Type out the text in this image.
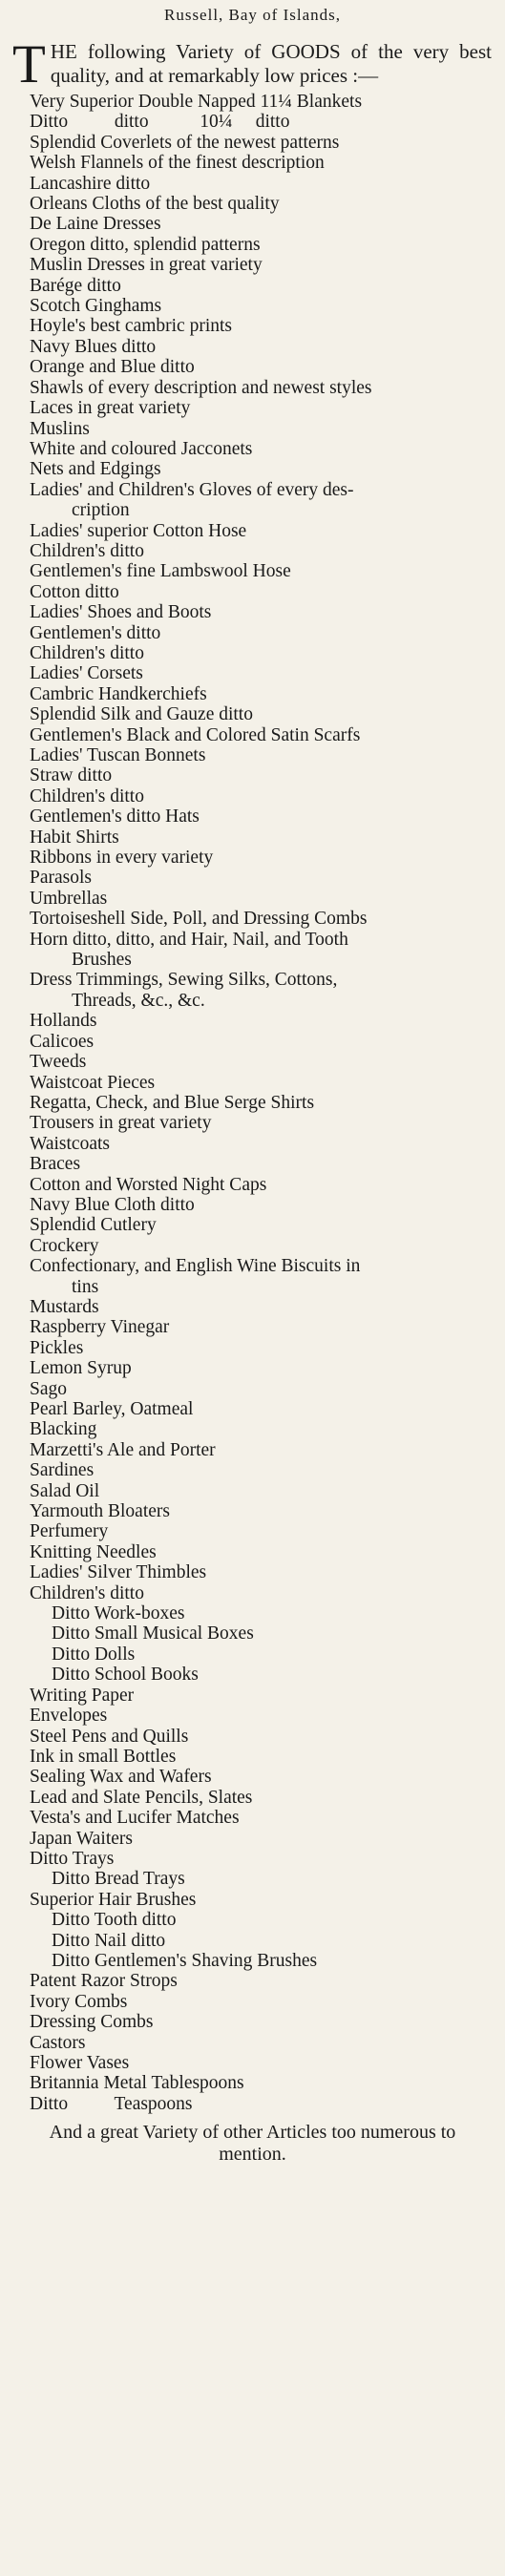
Russell, Bay of Islands,
T HE following Variety of GOODS of the very best quality, and at remarkably low prices :—
Very Superior Double Napped 11¼ Blankets
Ditto          ditto           10¼     ditto
Splendid Coverlets of the newest patterns
Welsh Flannels of the finest description
Lancashire ditto
Orleans Cloths of the best quality
De Laine Dresses
Oregon ditto, splendid patterns
Muslin Dresses in great variety
Barége ditto
Scotch Ginghams
Hoyle's best cambric prints
Navy Blues ditto
Orange and Blue ditto
Shawls of every description and newest styles
Laces in great variety
Muslins
White and coloured Jacconets
Nets and Edgings
Ladies' and Children's Gloves of every des-
cription
Ladies' superior Cotton Hose
Children's ditto
Gentlemen's fine Lambswool Hose
Cotton ditto
Ladies' Shoes and Boots
Gentlemen's ditto
Children's ditto
Ladies' Corsets
Cambric Handkerchiefs
Splendid Silk and Gauze ditto
Gentlemen's Black and Colored Satin Scarfs
Ladies' Tuscan Bonnets
Straw ditto
Children's ditto
Gentlemen's ditto Hats
Habit Shirts
Ribbons in every variety
Parasols
Umbrellas
Tortoiseshell Side, Poll, and Dressing Combs
Horn ditto, ditto, and Hair, Nail, and Tooth
Brushes
Dress Trimmings, Sewing Silks, Cottons,
Threads, &c., &c.
Hollands
Calicoes
Tweeds
Waistcoat Pieces
Regatta, Check, and Blue Serge Shirts
Trousers in great variety
Waistcoats
Braces
Cotton and Worsted Night Caps
Navy Blue Cloth ditto
Splendid Cutlery
Crockery
Confectionary, and English Wine Biscuits in
tins
Mustards
Raspberry Vinegar
Pickles
Lemon Syrup
Sago
Pearl Barley, Oatmeal
Blacking
Marzetti's Ale and Porter
Sardines
Salad Oil
Yarmouth Bloaters
Perfumery
Knitting Needles
Ladies' Silver Thimbles
Children's ditto
Ditto Work-boxes
Ditto Small Musical Boxes
Ditto Dolls
Ditto School Books
Writing Paper
Envelopes
Steel Pens and Quills
Ink in small Bottles
Sealing Wax and Wafers
Lead and Slate Pencils, Slates
Vesta's and Lucifer Matches
Japan Waiters
Ditto Trays
Ditto Bread Trays
Superior Hair Brushes
Ditto Tooth ditto
Ditto Nail ditto
Ditto Gentlemen's Shaving Brushes
Patent Razor Strops
Ivory Combs
Dressing Combs
Castors
Flower Vases
Britannia Metal Tablespoons
Ditto          Teaspoons
And a great Variety of other Articles too numerous to mention.
